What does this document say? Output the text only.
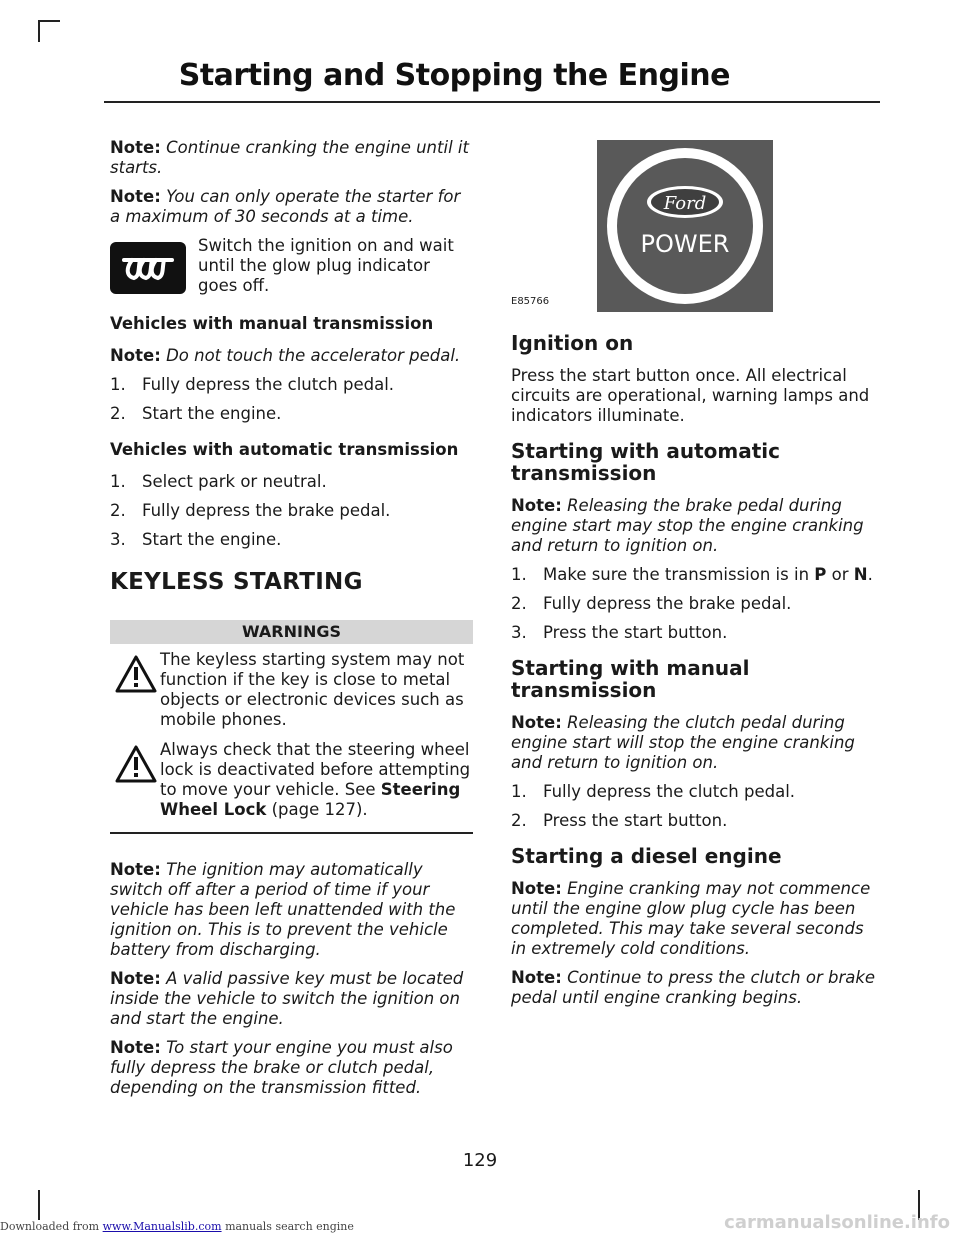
Starting and Stopping the Engine
Note: Continue cranking the engine until it starts.
Note: You can only operate the starter for a maximum of 30 seconds at a time.
Switch the ignition on and wait until the glow plug indicator goes off.
Vehicles with manual transmission
Note: Do not touch the accelerator pedal.
1. Fully depress the clutch pedal.
2. Start the engine.
Vehicles with automatic transmission
1. Select park or neutral.
2. Fully depress the brake pedal.
3. Start the engine.
KEYLESS STARTING
WARNINGS
The keyless starting system may not function if the key is close to metal objects or electronic devices such as mobile phones.
Always check that the steering wheel lock is deactivated before attempting to move your vehicle. See Steering Wheel Lock (page 127).
Note: The ignition may automatically switch off after a period of time if your vehicle has been left unattended with the ignition on. This is to prevent the vehicle battery from discharging.
Note: A valid passive key must be located inside the vehicle to switch the ignition on and start the engine.
Note: To start your engine you must also fully depress the brake or clutch pedal, depending on the transmission fitted.
Ford
POWER
E85766
Ignition on
Press the start button once. All electrical circuits are operational, warning lamps and indicators illuminate.
Starting with automatic transmission
Note: Releasing the brake pedal during engine start may stop the engine cranking and return to ignition on.
1. Make sure the transmission is in P or N.
2. Fully depress the brake pedal.
3. Press the start button.
Starting with manual transmission
Note: Releasing the clutch pedal during engine start will stop the engine cranking and return to ignition on.
1. Fully depress the clutch pedal.
2. Press the start button.
Starting a diesel engine
Note: Engine cranking may not commence until the engine glow plug cycle has been completed. This may take several seconds in extremely cold conditions.
Note: Continue to press the clutch or brake pedal until engine cranking begins.
129
Downloaded from www.Manualslib.com manuals search engine	carmanualsonline.info
